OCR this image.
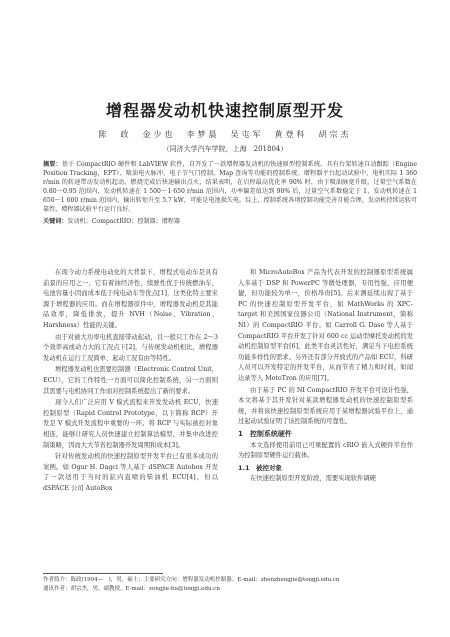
增程器发动机快速控制原型开发
陈　政　金少也　李梦晨　吴屯军　黄登科　胡宗杰
（同济大学汽车学院，上海　201804）
摘要：基于 CompactRIO 硬件和 LabVIEW 软件，自开发了一款增程器发动机的快速原型控制系统。具有台架转速自动跟踪（Engine Position Tracking，EPT）、喷油电火脉冲、电子节气门控制、Map 查询等功能的控制系统。增程器平台起动试验中，电机实际 1 360 r/min 的转速带动发动机起动，燃烧完成后快速输出点火，结果表明，在启停最高优化率 90% 时，由于喷油脉宽升级，过量空气系数在 0.80～0.95 范围内，发动机转速在 1 500～1 650 r/min 范围内，功率偏差值达到 90% 后，过量空气系数稳定于 1，发动机转速在 1 650～1 600 r/min 范围内，输出转矩升至 5.7 kW，可能是电池损失电。综上，控制系统各项控制功能完善且能合理，发动机持续运转可靠性，增程器试验平台运行良好。
关键词：发动机；CompactRIO；控制器；增程器

在现今动力系统电动化的大背景下，增程式电动车是具有前景的应用之一，它有着油经济性，续驶性优于传统燃油车，电池容量小因而成本低于纯电动车等优点[1]，这类化特主要来源于增程器的应用。而在增程器原件中，增程器发动机是其能品效率，降低排放，提升 NVH（Noise、Vibration、Harshness）性能的关键。

由于对被大功率电机直接带动起动，且一般只工作在 2～3 个效率高或动力大的工况点下[2]，与传统发动机相比，增程器发动机在运行工况简单、起动工况有由等特性。

增程器发动机也需要控制器（Electronic Control Unit，ECU），它的工作特性一方面可以简化控制系统，另一方面则其需要与电机协同工作而对控制系统提出了新的要求。

现今人们广泛应用 V 模式流程来开发发动机 ECU，快速控制原型（Rapid Control Prototype，以下简称 RCP）开发是 V 模式开发流程中重要的一环。将 RCP 与实际被控对象相连，能够让研究人员快速建立控制算法模型，并集中改进控制策略，因而大大节省控制器开发周期和成本[3]。

针对传统发动机的快速控制原型开发平台已有很多成功的案例。如 Ogur H. Dagci 等人基于 dSPACE Autobox 开发了一款适用于当时的缸内直喷的柴油机 ECU[4]，但以 dSPACE 公司 AutoBox

和 MicroAutoBox 产品为代表开发的控制器原型系统属入多基于 DSP 和 PowerPC 等微处理器，专用性强，应用便捷，但功能较为单一，价格昂贵[5]。后来测延续出现了基于 PC 的快速控制原型开发平台，如 MathWorks 的 XPC-target 和美国国家仪器公司（National Instrument，简称 NI）的 CompactRIO 平台。如 Carroll G. Dase 等人基于 CompactRIO 平台开发了针对 600 cc 运动型摩托发动机的发动机控制原型平台[6]，此类平台灵活性好，满足当下电控系统功能多样性的需求。另外还有部分开放式的产品如 ECU，科研人员可以开发特定的开发平台，从而节省了精力和时间，如闻达录等人 MotoTron 的应用[7]。

由于基于 PC 的 NI CompactRIO 开发平台可设计性强，本文将基于其开发针对某款增程器发动机的快速控制原型系统，并将该快速控制原型系统应用于某增程器试验平台上，通过起动试验证明了该控制系统的可靠性。

1　控制系统硬件

本文选择使用前用已可重配置的 cRIO 嵌入式硬件平台作为控制原型硬件运行载体。

1.1　被控对象

在快速控制原型开发阶段，需要实现软件调硬

作者简介：陈政(1994—　)，男，硕士；主要研究方向：增程器发动机控制器。E-mail：zhenzhengjie@tongji.edu.cn
通讯作者：胡宗杰，男，副教授。E-mail：zongjie-hu@tongji.edu.cn
